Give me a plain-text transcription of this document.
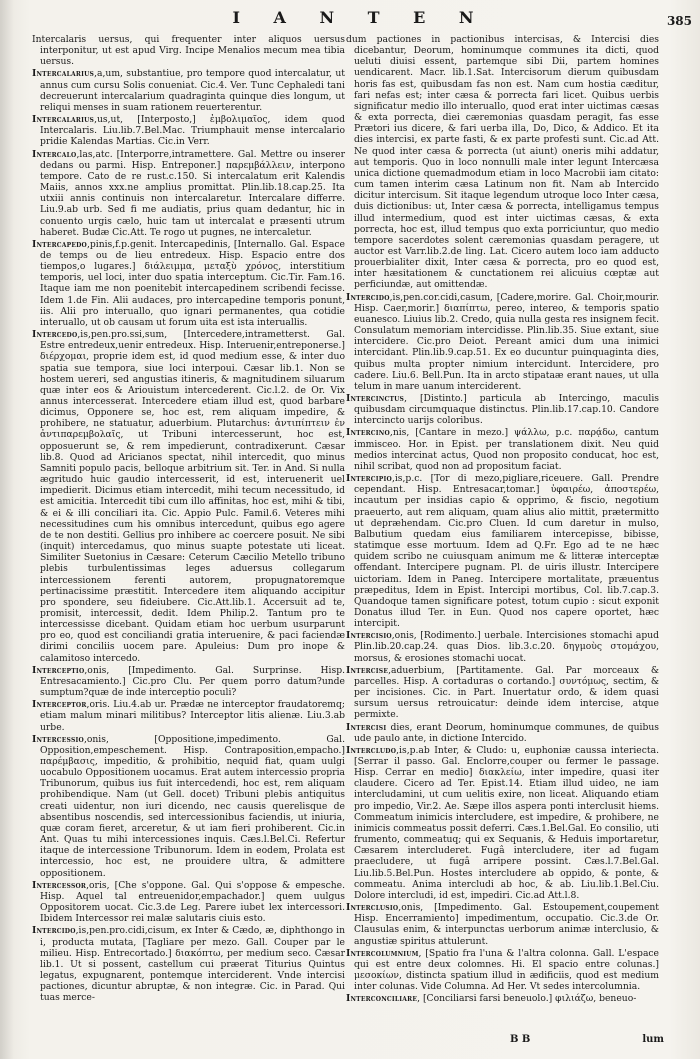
I A N T E N	385

Intercalaris uersus, qui frequenter inter aliquos uersus interponitur, ut est apud Virg. Incipe Menalios mecum mea tibia uersus.

Intercalarius,a,um, substantiue, pro tempore quod intercalatur, ut annus cum cursu Solis conueniat. Cic.4. Ver. Tunc Cephaledi tani decreuerunt intercalarium quadraginta quinque dies longum, ut reliqui menses in suam rationem reuerterentur.

Intercalarius,us,ut, [Interposto,] ἐμβολιμαῖος, idem quod Intercalaris. Liu.lib.7.Bel.Mac. Triumphauit mense intercalario pridie Kalendas Martias. Cic.in Verr.

Intercalo,las,atc. [Interporre,intramettere. Gal. Mettre ou inserer dedans ou parmi. Hisp. Entreponer.] παρεμβάλλειν, interpono tempore. Cato de re rust.c.150. Si intercalatum erit Kalendis Maiis, annos xxx.ne amplius promittat. Plin.lib.18.cap.25. Ita utxiii annis continuis non intercalaretur. Intercalare differre. Liu.9.ab urb. Sed fi me audiatis, prius quam dedantur, hic in conuento urgis cælo, huic tam ut intercalat e præsenti utrum haberet. Budæ Cic.Att. Te rogo ut pugnes, ne intercaletur.

Intercapedo,pinis,f.p.genit. Intercapedinis, [Internallo. Gal. Espace de temps ou de lieu entredeux. Hisp. Espacio entre dos tiempos,o lugares.] διάλειμμα, μεταξὺ χρόνος, interstitium temporis, uel loci, inter duo spatia interceptum. Cic.Tir. Fam.16. Itaque iam me non poenitebit intercapedinem scribendi fecisse. Idem 1.de Fin. Alii audaces, pro intercapedine temporis ponunt, iis. Alii pro interuallo, quo ignari permanentes, qua cotidie interuallo, ut ob causam ut forum uita est ista interuallis.

Intercedo,is,pen.pro.ssi,sum, [Intercedere,intrametterst. Gal. Estre entredeux,uenir entredeux. Hisp. Interuenir,entreponerse.] διέρχομαι, proprie idem est, id quod medium esse, & inter duo spatia sue tempora, siue loci interpoui. Cæsar lib.1. Non se hostem uereri, sed angustias itineris, & magnitudinem siluarum quæ inter eos & Ariouistum intercederent. Cic.l.2. de Or. Vix annus intercesserat. Intercedere etiam illud est, quod barbare dicimus, Opponere se, hoc est, rem aliquam impedire, & prohibere, ne statuatur, aduerbium. Plutarchus: ἀντιπίπτειν ἐν ἀντιπαρεμβολαῖς, ut Tribuni intercesserunt, hoc est, opposuerunt se, & rem impedierunt, contradixerunt. Cæsar lib.8. Quod ad Aricianos spectat, nihil intercedit, quo minus Samniti populo pacis, belloque arbitrium sit. Ter. in And. Si nulla ægritudo huic gaudio intercesserit, id est, interuenerit uel impedierit. Dicimus etiam intercedit, mihi tecum necessitudo, id est amicitia. Intercedit tibi cum illo affinitas, hoc est, mihi & tibi, & ei & illi conciliari ita. Cic. Appio Pulc. Famil.6. Veteres mihi necessitudines cum his omnibus intercedunt, quibus ego agere de te non destiti. Gellius pro inhibere ac coercere posuit. Ne sibi (inquit) intercedamus, quo minus suapte potestate uti liceat. Similiter Suetonius in Cæsare: Ceterum Cæcilio Metello tribuno plebis turbulentissimas leges aduersus collegarum intercessionem ferenti autorem, propugnatoremque pertinacissime præstitit. Intercedere item aliquando accipitur pro spondere, seu fideiubere. Cic.Att.lib.1. Accersuit ad te, promisit, intercessit, dedit. Idem Philip.2. Tantum pro te intercessisse dicebant. Quidam etiam hoc uerbum usurparunt pro eo, quod est conciliandi gratia interuenire, & paci faciendæ dirimi conciliis uocem pare. Apuleius: Dum pro inope & calamitoso intercedo.

Interceptio,onis, [Impedimento. Gal. Surprinse. Hisp. Entresacamiento.] Cic.pro Clu. Per quem porro datum?unde sumptum?quæ de inde interceptio poculi?

Interceptor,oris. Liu.4.ab ur. Prædæ ne interceptor fraudatoremq; etiam malum minari militibus? Interceptor litis alienæ. Liu.3.ab urbe.

Intercessio,onis, [Oppositione,impedimento. Gal. Opposition,empeschement. Hisp. Contraposition,empacho.] παρέμβασις, impeditio, & prohibitio, nequid fiat, quam uulgi uocabulo Oppositionem uocamus. Erat autem intercessio propria Tribunorum, quibus ius fuit intercedendi, hoc est, rem aliquam prohibendique. Nam (ut Gell. docet) Tribuni plebis antiquitus creati uidentur, non iuri dicendo, nec causis querelisque de absentibus noscendis, sed intercessionibus faciendis, ut iniuria, quæ coram fieret, arceretur, & ut iam fieri prohiberent. Cic.in Ant. Quas tu mihi intercessiones inquis. Cæs.l.Bel.Ci. Refertur itaque de intercessione Tribunorum. Idem in eodem, Prolata est intercessio, hoc est, ne prouidere ultra, & admittere oppositionem.

Intercessor,oris, [Che s'oppone. Gal. Qui s'oppose & empesche. Hisp. Aquel tal entreuenidor,empachador.] quem uulgus Oppositorem uocat. Cic.3.de Leg. Parere iubet lex intercessori. Ibidem Intercessor rei malæ salutaris ciuis esto.

Intercido,is,pen.pro.cidi,cisum, ex Inter & Cædo, æ, diphthongo in i, producta mutata, [Tagliare per mezo. Gall. Couper par le milieu. Hisp. Entrecortado.] διακόπτω, per medium seco. Cæsar lib.1. Ut si possent, castellum cui præerat Titurius Quintus legatus, expugnarent, pontemque interciderent. Vnde intercisi pactiones, dicuntur abruptæ, & non integræ. Cic. in Parad. Qui tuas merce-

dum pactiones in pactionibus intercisas, & Intercisi dies dicebantur, Deorum, hominumque communes ita dicti, quod ueluti diuisi essent, partemque sibi Dii, partem homines uendicarent. Macr. lib.1.Sat. Intercisorum dierum quibusdam horis fas est, quibusdam fas non est. Nam cum hostia cæditur, fari nefas est; inter cæsa & porrecta fari licet. Quibus uerbis significatur medio illo interuallo, quod erat inter uictimas cæsas & exta porrecta, diei cæremonias quasdam peragit, fas esse Prætori ius dicere, & fari uerba illa, Do, Dico, & Addico. Et ita dies intercisi, ex parte fasti, & ex parte profesti sunt. Cic.ad Att. Ne quod inter cæsa & porrecta (ut aiunt) oneris mihi addatur, aut temporis. Quo in loco nonnulli male inter legunt Intercæsa unica dictione quemadmodum etiam in loco Macrobii iam citato: cum tamen interim cæsa Latinum non fit. Nam ab Intercido dicitur intercisum. Sit itaque legendum utroque loco Inter cæsa, duis dictionibus: ut, Inter cæsa & porrecta, intelligamus tempus illud intermedium, quod est inter uictimas cæsas, & exta porrecta, hoc est, illud tempus quo exta porriciuntur, quo medio tempore sacerdotes solent cæremonias quasdam peragere, ut auctor est Varr.lib.2.de ling. Lat. Cicero autem loco iam adducto prouerbialiter dixit, Inter cæsa & porrecta, pro eo quod est, inter hæsitationem & cunctationem rei alicuius cœptæ aut perficiundæ, aut omittendæ.

Intercido,is,pen.cor.cidi,casum, [Cadere,morire. Gal. Choir,mourir. Hisp. Caer,morir.] διαπίπτω, pereo, intereo, & temporis spatio euanesco. Liuius lib.2. Credo, quia nulla gesta res insignem fecit. Consulatum memoriam intercidisse. Plin.lib.35. Siue extant, siue intercidere. Cic.pro Deiot. Pereant amici dum una inimici intercidant. Plin.lib.9.cap.51. Ex eo ducuntur puinquaginta dies, quibus multa propter nimium intercidunt. Intercidere, pro cadere. Liu.6. Bell.Pun. Ita in arcto stipataæ erant naues, ut ulla telum in mare uanum interciderent.

Intercinctus, [Distinto.] particula ab Intercingo, maculis quibusdam circumquaque distinctus. Plin.lib.17.cap.10. Candore intercincto uarijs coloribus.

Intercino,nis, [Cantare in mezo.] ψάλλω, p.c. παρᾴδω, cantum immisceo. Hor. in Epist. per translationem dixit. Neu quid medios intercinat actus, Quod non proposito conducat, hoc est, nihil scribat, quod non ad propositum faciat.

Intercipio,is,p.c. [Tor di mezo,pigliare,riceuere. Gall. Prendre cependant. Hisp. Entresacar,tomar.] ὑφαιρέω, ἀποστερέω, incautum per insidias capio & opprimo, & fiscio, negotium praeuerto, aut rem aliquam, quam alius alio mittit, prætermitto ut depræhendam. Cic.pro Cluen. Id cum daretur in mulso, Balbutium quedam eius familiarem intercepisse, bibisse, statimque esse mortuum. Idem ad Q.Fr. Ego ad te ne hæc quidem scribo ne cuiusquam animum me & litteræ interceptæ offendant. Intercipere pugnam. Pl. de uiris illustr. Intercipere uictoriam. Idem in Paneg. Intercipere mortalitate, præuentus præpeditus, Idem in Epist. Intercipi mortibus, Col. lib.7.cap.3. Quandoque tamen significare potest, totum cupio : sicut exponit Donatus illud Ter. in Eun. Quod nos capere oportet, hæc intercipit.

Intercisio,onis, [Rodimento.] uerbale. Intercisiones stomachi apud Plin.lib.20.cap.24. quas Dios. lib.3.c.20. δηγμοὺς στομάχου, morsus, & erosiones stomachi uocat.

Intercise,aduerbium, [Partitamente. Gal. Par morceaux & parcelles. Hisp. A cortaduras o cortando.] συντόμως, sectim, & per incisiones. Cic. in Part. Inuertatur ordo, & idem quasi sursum uersus retrouicatur: deinde idem intercise, atque permixte.

Intercisi dies, erant Deorum, hominumque communes, de quibus ude paulo ante, in dictione Intercido.

Intercludo,is,p.ab Inter, & Cludo: u, euphoniæ caussa interiecta. [Serrar il passo. Gal. Enclorre,couper ou fermer le passage. Hisp. Cerrar en medio] διακλείω, inter impedire, quasi iter claudere. Cicero ad Ter. Epist.14. Etiam illud uideo, ne iam intercludamini, ut cum uelitis exire, non liceat. Aliquando etiam pro impedio, Vir.2. Ae. Sæpe illos aspera ponti interclusit hiems. Commeatum inimicis intercludere, est impedire, & prohibere, ne inimicis commeatus possit deferri. Cæs.1.Bel.Gal. Eo consilio, uti frumento, commeatuq; qui ex Sequanis, & Heduis importaretur, Cæsarem intercluderet. Fugâ intercludere, iter ad fugam praecludere, ut fugâ arripere possint. Cæs.l.7.Bel.Gal. Liu.lib.5.Bel.Pun. Hostes intercludere ab oppido, & ponte, & commeatu. Anima intercludi ab hoc, & ab. Liu.lib.1.Bel.Ciu. Dolore intercludi, id est, impediri. Cic.ad Att.l.8.

Interclusio,onis, [Impedimento. Gal. Estoupement,coupement Hisp. Encerramiento] impedimentum, occupatio. Cic.3.de Or. Clausulas enim, & interpunctas uerborum animæ interclusio, & angustiæ spiritus attulerunt.

Intercolumnium, [Spatio fra l'una & l'altra colonna. Gall. L'espace qui est entre deux colomnes. Hi. El spacio entre colunas.] μεσοκίων, distincta spatium illud in ædificiis, quod est medium inter colunas. Vide Columna. Ad Her. Vt sedes intercolumnia.

Interconciliare, [Conciliarsi farsi beneuolo.] φιλιάζω, beneuo-

B B	lum
